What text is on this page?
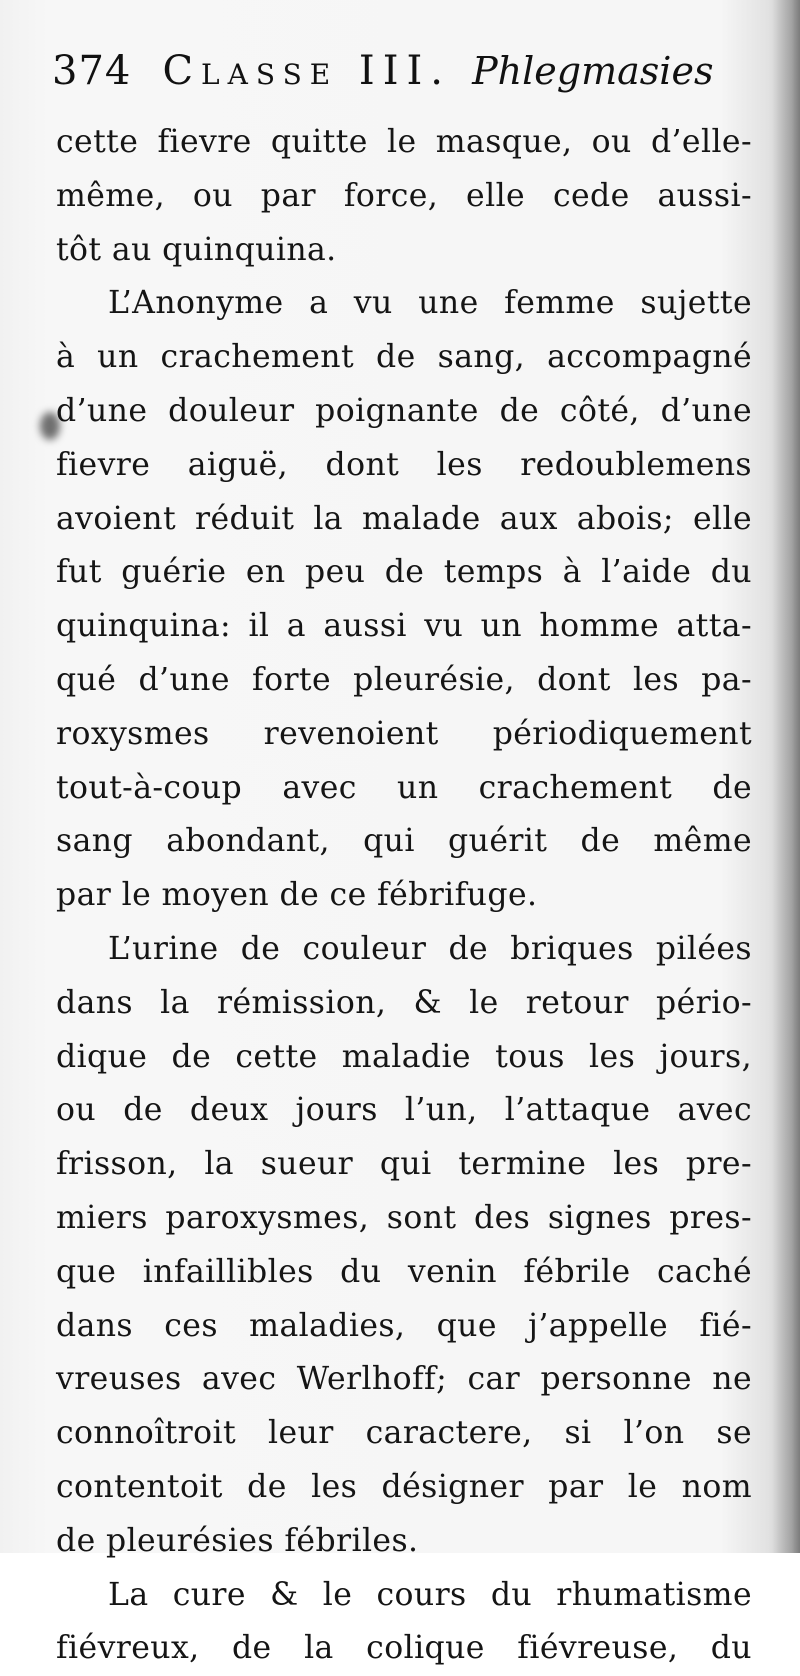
374 Classe III. Phlegmasies
cette fievre quitte le masque, ou d’elle-
même, ou par force, elle cede aussi-
tôt au quinquina.
L’Anonyme a vu une femme sujette
à un crachement de sang, accompagné
d’une douleur poignante de côté, d’une
fievre aiguë, dont les redoublemens
avoient réduit la malade aux abois; elle
fut guérie en peu de temps à l’aide du
quinquina: il a aussi vu un homme atta-
qué d’une forte pleurésie, dont les pa-
roxysmes revenoient périodiquement
tout-à-coup avec un crachement de
sang abondant, qui guérit de même
par le moyen de ce fébrifuge.
L’urine de couleur de briques pilées
dans la rémission, & le retour pério-
dique de cette maladie tous les jours,
ou de deux jours l’un, l’attaque avec
frisson, la sueur qui termine les pre-
miers paroxysmes, sont des signes pres-
que infaillibles du venin fébrile caché
dans ces maladies, que j’appelle fié-
vreuses avec Werlhoff; car personne ne
connoîtroit leur caractere, si l’on se
contentoit de les désigner par le nom
de pleurésies fébriles.
La cure & le cours du rhumatisme
fiévreux, de la colique fiévreuse, du
